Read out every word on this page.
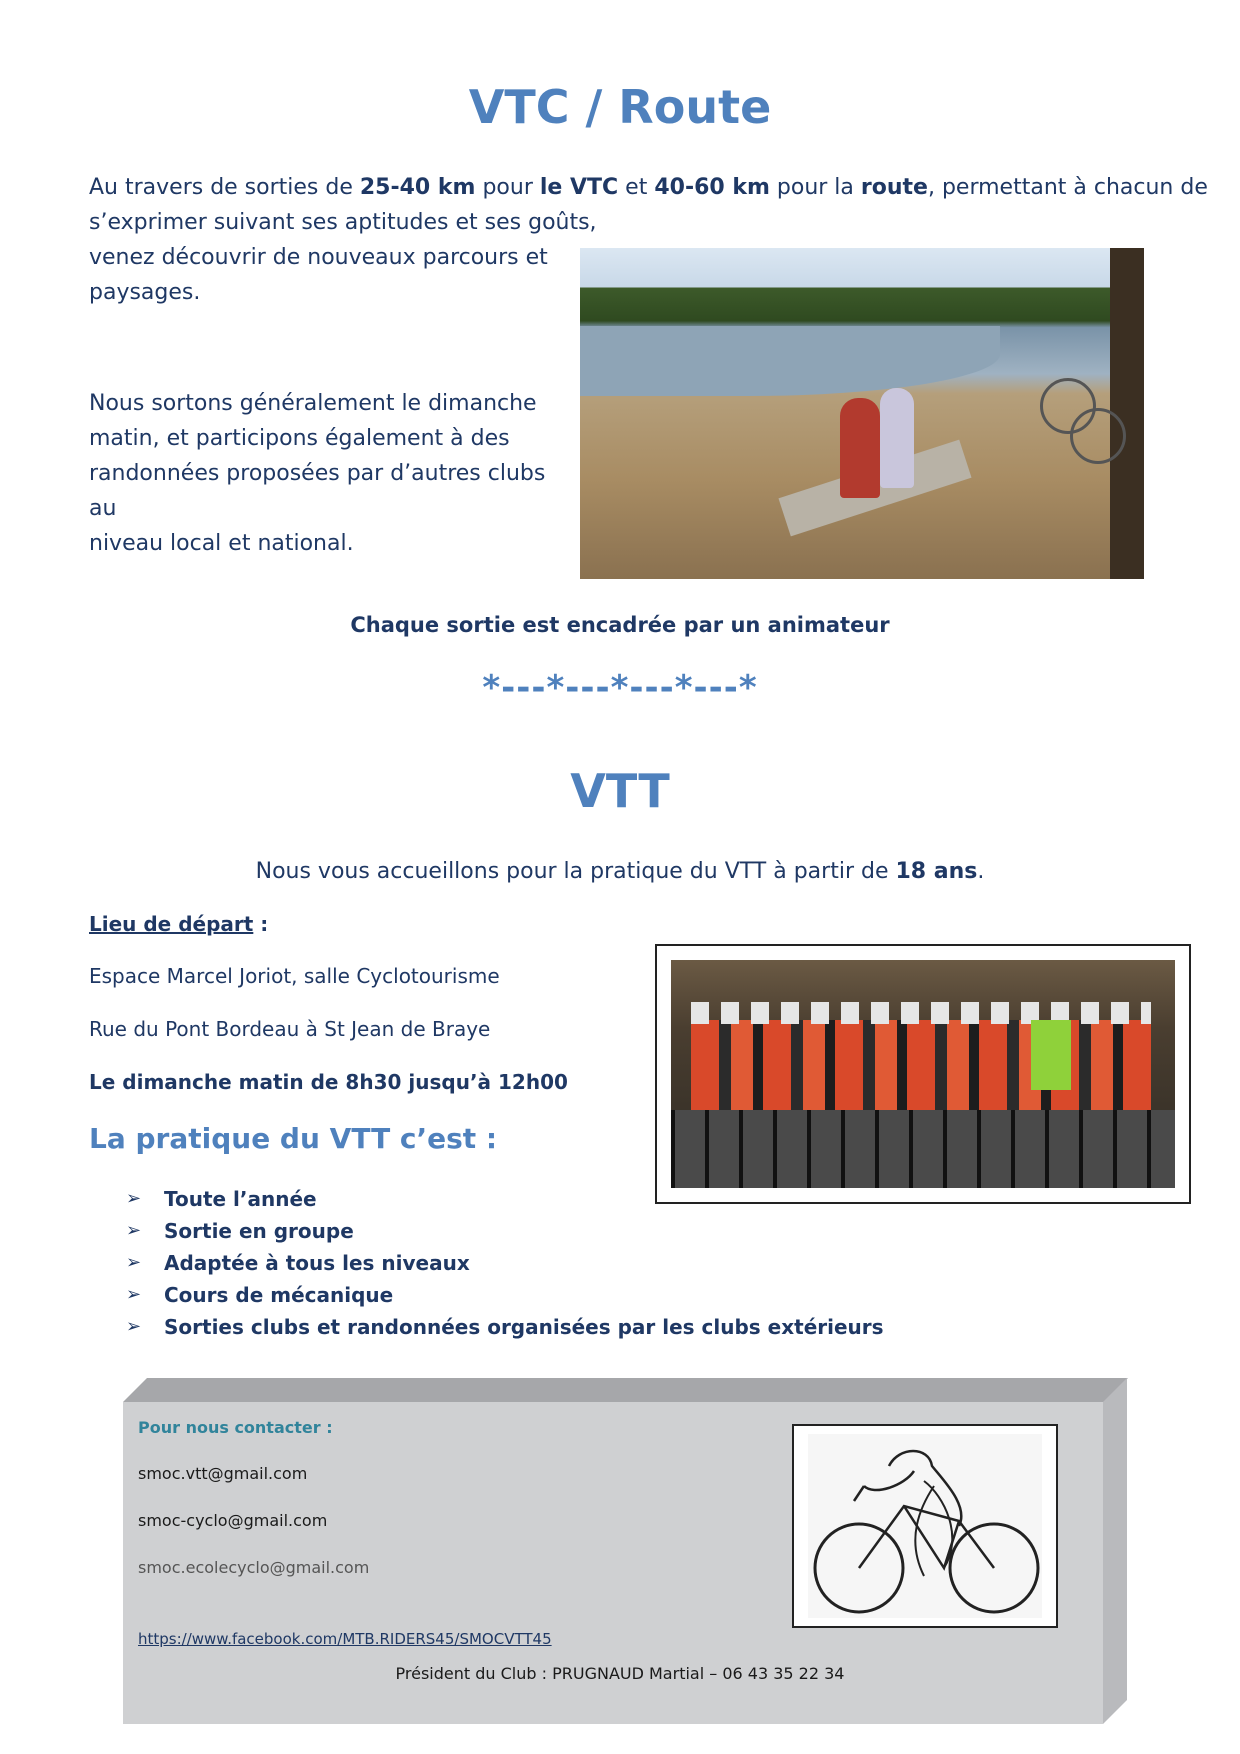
VTC / Route
Au travers de sorties de 25-40 km pour le VTC et 40-60 km pour la route, permettant à chacun de
s’exprimer suivant ses aptitudes et ses goûts,
venez découvrir de nouveaux parcours et
paysages.
Nous sortons généralement le dimanche
matin, et participons également à des
randonnées proposées par d’autres clubs au
niveau local et national.
Chaque sortie est encadrée par un animateur
*---*---*---*---*
VTT
Nous vous accueillons pour la pratique du VTT à partir de 18 ans.
Lieu de départ :
Espace Marcel Joriot, salle Cyclotourisme
Rue du Pont Bordeau à St Jean de Braye
Le dimanche matin de 8h30 jusqu’à 12h00
La pratique du VTT c’est :
➢ Toute l’année
➢ Sortie en groupe
➢ Adaptée à tous les niveaux
➢ Cours de mécanique
➢ Sorties clubs et randonnées organisées par les clubs extérieurs
Pour nous contacter :
smoc.vtt@gmail.com
smoc-cyclo@gmail.com
smoc.ecolecyclo@gmail.com
https://www.facebook.com/MTB.RIDERS45/SMOCVTT45
Président du Club : PRUGNAUD Martial – 06 43 35 22 34
